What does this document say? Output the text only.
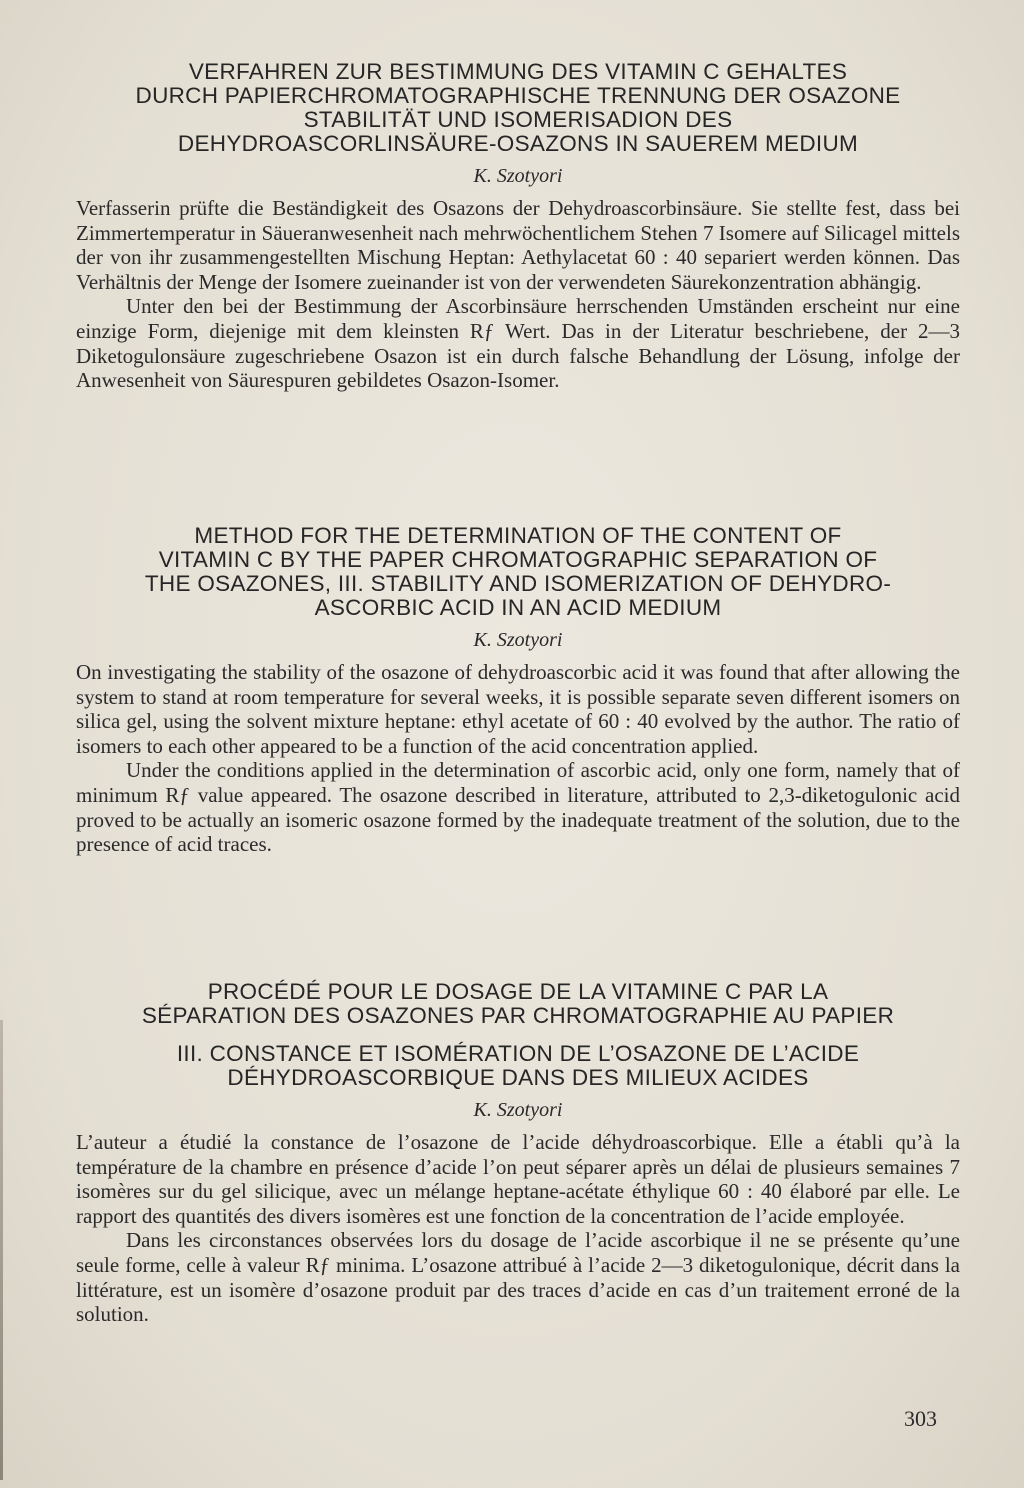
VERFAHREN ZUR BESTIMMUNG DES VITAMIN C GEHALTES
DURCH PAPIERCHROMATOGRAPHISCHE TRENNUNG DER OSAZONE
STABILITÄT UND ISOMERISADION DES
DEHYDROASCORLINSÄURE-OSAZONS IN SAUEREM MEDIUM
K. Szotyori

Verfasserin prüfte die Beständigkeit des Osazons der Dehydroascorbinsäure. Sie stellte fest, dass bei Zimmertemperatur in Säueranwesenheit nach mehrwöchentlichem Stehen 7 Isomere auf Silicagel mittels der von ihr zusammengestellten Mischung Heptan: Aethylacetat 60 : 40 separiert werden können. Das Verhältnis der Menge der Isomere zueinander ist von der verwendeten Säurekonzentration abhängig.

Unter den bei der Bestimmung der Ascorbinsäure herrschenden Umständen erscheint nur eine einzige Form, diejenige mit dem kleinsten Rƒ Wert. Das in der Literatur beschriebene, der 2—3 Diketogulonsäure zugeschriebene Osazon ist ein durch falsche Behandlung der Lösung, infolge der Anwesenheit von Säurespuren gebildetes Osazon-Isomer.

METHOD FOR THE DETERMINATION OF THE CONTENT OF
VITAMIN C BY THE PAPER CHROMATOGRAPHIC SEPARATION OF
THE OSAZONES, III. STABILITY AND ISOMERIZATION OF DEHYDRO-
ASCORBIC ACID IN AN ACID MEDIUM
K. Szotyori

On investigating the stability of the osazone of dehydroascorbic acid it was found that after allowing the system to stand at room temperature for several weeks, it is possible separate seven different isomers on silica gel, using the solvent mixture heptane: ethyl acetate of 60 : 40 evolved by the author. The ratio of isomers to each other appeared to be a function of the acid concentration applied.

Under the conditions applied in the determination of ascorbic acid, only one form, namely that of minimum Rƒ value appeared. The osazone described in literature, attributed to 2,3-diketogulonic acid proved to be actually an isomeric osazone formed by the inadequate treatment of the solution, due to the presence of acid traces.

PROCÉDÉ POUR LE DOSAGE DE LA VITAMINE C PAR LA
SÉPARATION DES OSAZONES PAR CHROMATOGRAPHIE AU PAPIER
III. CONSTANCE ET ISOMÉRATION DE L’OSAZONE DE L’ACIDE
DÉHYDROASCORBIQUE DANS DES MILIEUX ACIDES
K. Szotyori

L’auteur a étudié la constance de l’osazone de l’acide déhydroascorbique. Elle a établi qu’à la température de la chambre en présence d’acide l’on peut séparer après un délai de plusieurs semaines 7 isomères sur du gel silicique, avec un mélange heptane-acétate éthylique 60 : 40 élaboré par elle. Le rapport des quantités des divers isomères est une fonction de la concentration de l’acide employée.

Dans les circonstances observées lors du dosage de l’acide ascorbique il ne se présente qu’une seule forme, celle à valeur Rƒ minima. L’osazone attribué à l’acide 2—3 diketogulonique, décrit dans la littérature, est un isomère d’osazone produit par des traces d’acide en cas d’un traitement erroné de la solution.

303
